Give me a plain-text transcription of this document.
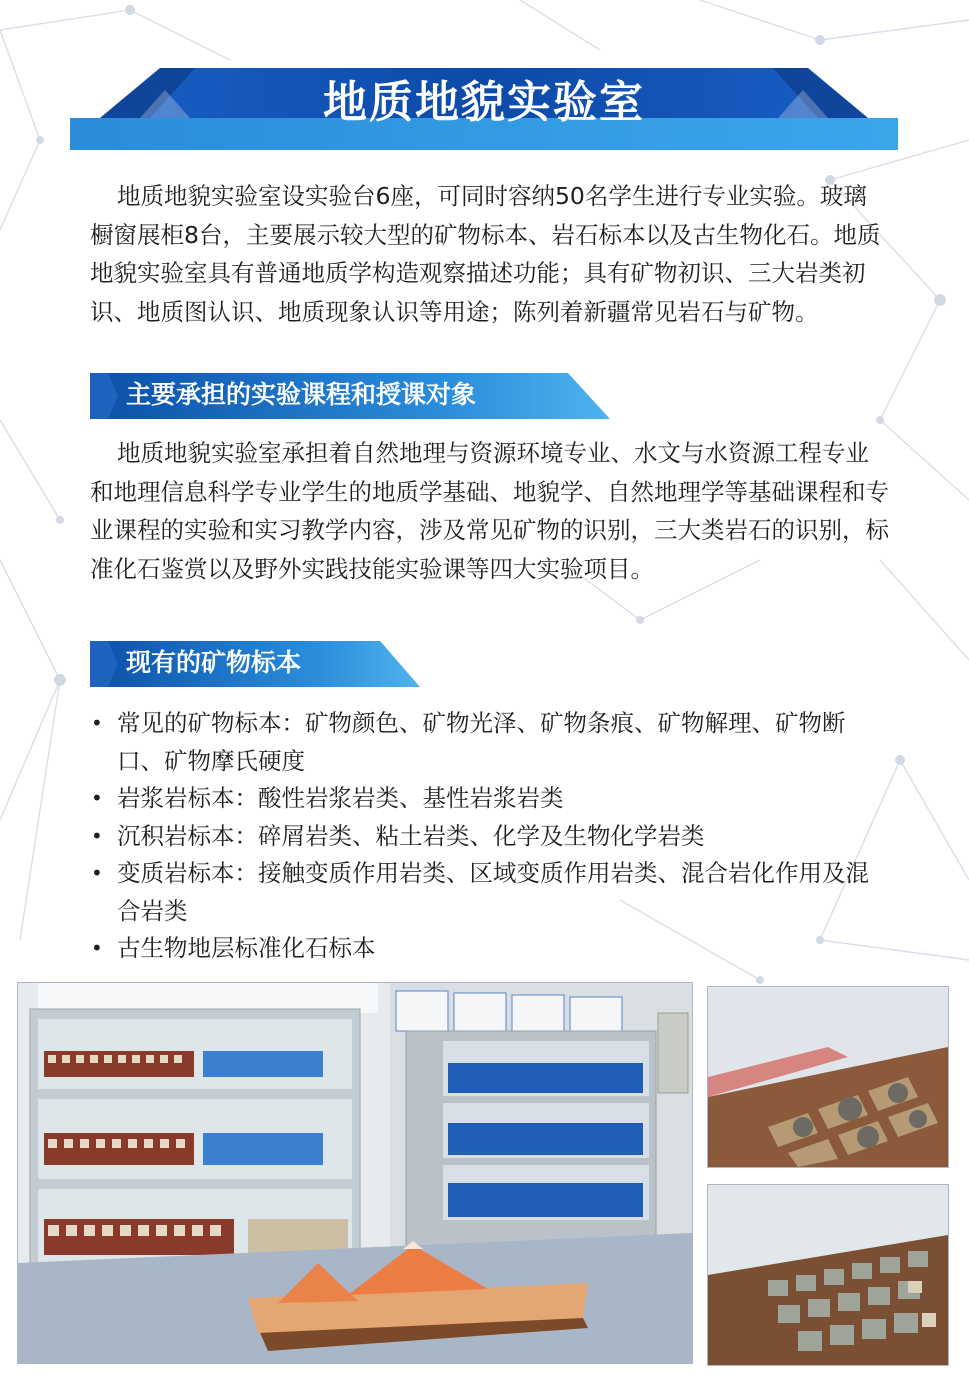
地质地貌实验室

地质地貌实验室设实验台6座，可同时容纳50名学生进行专业实验。玻璃橱窗展柜8台，主要展示较大型的矿物标本、岩石标本以及古生物化石。地质地貌实验室具有普通地质学构造观察描述功能；具有矿物初识、三大岩类初识、地质图认识、地质现象认识等用途；陈列着新疆常见岩石与矿物。

主要承担的实验课程和授课对象

地质地貌实验室承担着自然地理与资源环境专业、水文与水资源工程专业和地理信息科学专业学生的地质学基础、地貌学、自然地理学等基础课程和专业课程的实验和实习教学内容，涉及常见矿物的识别，三大类岩石的识别，标准化石鉴赏以及野外实践技能实验课等四大实验项目。

现有的矿物标本
• 常见的矿物标本：矿物颜色、矿物光泽、矿物条痕、矿物解理、矿物断口、矿物摩氏硬度
• 岩浆岩标本：酸性岩浆岩类、基性岩浆岩类
• 沉积岩标本：碎屑岩类、粘土岩类、化学及生物化学岩类
• 变质岩标本：接触变质作用岩类、区域变质作用岩类、混合岩化作用及混合岩类
• 古生物地层标准化石标本
